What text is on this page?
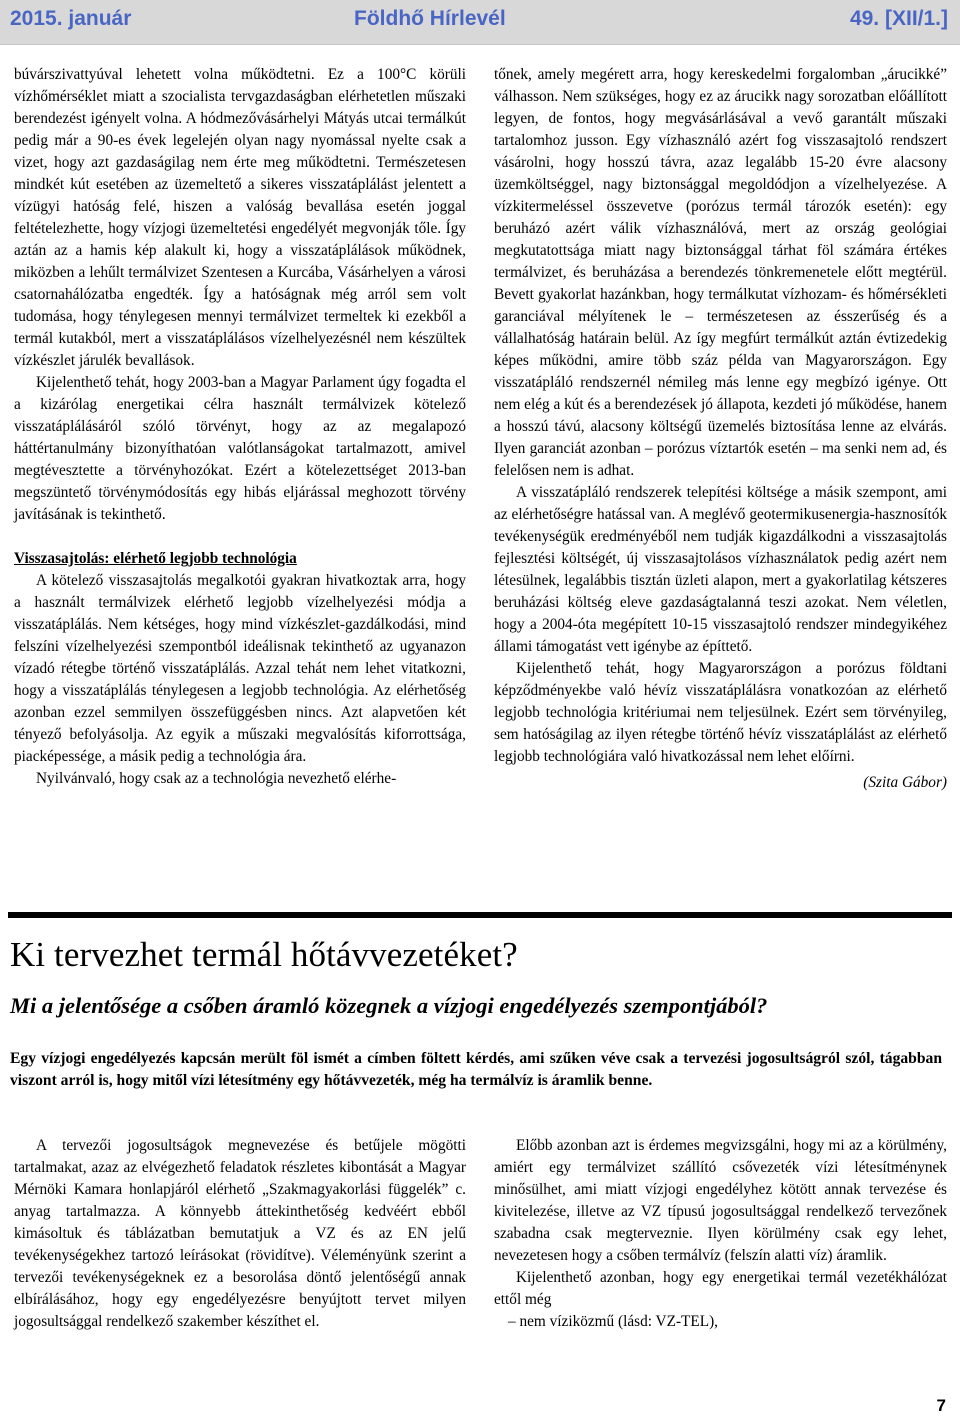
2015. január	Földhő Hírlevél	49. [XII/1.]

búvárszivattyúval lehetett volna működtetni. Ez a 100°C körüli vízhőmérséklet miatt a szocialista tervgazdaságban elérhetetlen műszaki berendezést igényelt volna. A hódmezővásárhelyi Mátyás utcai termálkút pedig már a 90-es évek legelején olyan nagy nyomással nyelte csak a vizet, hogy azt gazdaságilag nem érte meg működtetni. Természetesen mindkét kút esetében az üzemeltető a sikeres visszatáplálást jelentett a vízügyi hatóság felé, hiszen a valóság bevallása esetén joggal feltételezhette, hogy vízjogi üzemeltetési engedélyét megvonják tőle. Így aztán az a hamis kép alakult ki, hogy a visszatáplálások működnek, miközben a lehűlt termálvizet Szentesen a Kurcába, Vásárhelyen a városi csatornahálózatba engedték. Így a hatóságnak még arról sem volt tudomása, hogy ténylegesen mennyi termálvizet termeltek ki ezekből a termál kutakból, mert a visszatáplálásos vízelhelyezésnél nem készültek vízkészlet járulék bevallások.

Kijelenthető tehát, hogy 2003-ban a Magyar Parlament úgy fogadta el a kizárólag energetikai célra használt termálvizek kötelező visszatáplálásáról szóló törvényt, hogy az az megalapozó háttértanulmány bizonyíthatóan valótlanságokat tartalmazott, amivel megtévesztette a törvényhozókat. Ezért a kötelezettséget 2013-ban megszüntető törvénymódosítás egy hibás eljárással meghozott törvény javításának is tekinthető.

Visszasajtolás: elérhető legjobb technológia

A kötelező visszasajtolás megalkotói gyakran hivatkoztak arra, hogy a használt termálvizek elérhető legjobb vízelhelyezési módja a visszatáplálás. Nem kétséges, hogy mind vízkészlet-gazdálkodási, mind felszíni vízelhelyezési szempontból ideálisnak tekinthető az ugyanazon vízadó rétegbe történő visszatáplálás. Azzal tehát nem lehet vitatkozni, hogy a visszatáplálás ténylegesen a legjobb technológia. Az elérhetőség azonban ezzel semmilyen összefüggésben nincs. Azt alapvetően két tényező befolyásolja. Az egyik a műszaki megvalósítás kiforrottsága, piacképessége, a másik pedig a technológia ára.

Nyilvánvaló, hogy csak az a technológia nevezhető elérhe-

tőnek, amely megérett arra, hogy kereskedelmi forgalomban „árucikké” válhasson. Nem szükséges, hogy ez az árucikk nagy sorozatban előállított legyen, de fontos, hogy megvásárlásával a vevő garantált műszaki tartalomhoz jusson. Egy vízhasználó azért fog visszasajtoló rendszert vásárolni, hogy hosszú távra, azaz legalább 15-20 évre alacsony üzemköltséggel, nagy biztonsággal megoldódjon a vízelhelyezése. A vízkitermeléssel összevetve (porózus termál tározók esetén): egy beruházó azért válik vízhasználóvá, mert az ország geológiai megkutatottsága miatt nagy biztonsággal tárhat föl számára értékes termálvizet, és beruházása a berendezés tönkremenetele előtt megtérül. Bevett gyakorlat hazánkban, hogy termálkutat vízhozam- és hőmérsékleti garanciával mélyítenek le – természetesen az ésszerűség és a vállalhatóság határain belül. Az így megfúrt termálkút aztán évtizedekig képes működni, amire több száz példa van Magyarországon. Egy visszatápláló rendszernél némileg más lenne egy megbízó igénye. Ott nem elég a kút és a berendezések jó állapota, kezdeti jó működése, hanem a hosszú távú, alacsony költségű üzemelés biztosítása lenne az elvárás. Ilyen garanciát azonban – porózus víztartók esetén – ma senki nem ad, és felelősen nem is adhat.

A visszatápláló rendszerek telepítési költsége a másik szempont, ami az elérhetőségre hatással van. A meglévő geotermikusenergia-hasznosítók tevékenységük eredményéből nem tudják kigazdálkodni a visszasajtolás fejlesztési költségét, új visszasajtolásos vízhasználatok pedig azért nem létesülnek, legalábbis tisztán üzleti alapon, mert a gyakorlatilag kétszeres beruházási költség eleve gazdaságtalanná teszi azokat. Nem véletlen, hogy a 2004-óta megépített 10-15 visszasajtoló rendszer mindegyikéhez állami támogatást vett igénybe az építtető.

Kijelenthető tehát, hogy Magyarországon a porózus földtani képződményekbe való hévíz visszatáplálásra vonatkozóan az elérhető legjobb technológia kritériumai nem teljesülnek. Ezért sem törvényileg, sem hatóságilag az ilyen rétegbe történő hévíz visszatáplálást az elérhető legjobb technológiára való hivatkozással nem lehet előírni.

(Szita Gábor)

Ki tervezhet termál hőtávvezetéket?
Mi a jelentősége a csőben áramló közegnek a vízjogi engedélyezés szempontjából?

Egy vízjogi engedélyezés kapcsán merült föl ismét a címben föltett kérdés, ami szűken véve csak a tervezési jogosultságról szól, tágabban viszont arról is, hogy mitől vízi létesítmény egy hőtávvezeték, még ha termálvíz is áramlik benne.

A tervezői jogosultságok megnevezése és betűjele mögötti tartalmakat, azaz az elvégezhető feladatok részletes kibontását a Magyar Mérnöki Kamara honlapjáról elérhető „Szakmagyakorlási függelék” c. anyag tartalmazza. A könnyebb áttekinthetőség kedvéért ebből kimásoltuk és táblázatban bemutatjuk a VZ és az EN jelű tevékenységekhez tartozó leírásokat (rövidítve). Véleményünk szerint a tervezői tevékenységeknek ez a besorolása döntő jelentőségű annak elbírálásához, hogy egy engedélyezésre benyújtott tervet milyen jogosultsággal rendelkező szakember készíthet el.

Előbb azonban azt is érdemes megvizsgálni, hogy mi az a körülmény, amiért egy termálvizet szállító csővezeték vízi létesítménynek minősülhet, ami miatt vízjogi engedélyhez kötött annak tervezése és kivitelezése, illetve az VZ típusú jogosultsággal rendelkező tervezőnek szabadna csak megterveznie. Ilyen körülmény csak egy lehet, nevezetesen hogy a csőben termálvíz (felszín alatti víz) áramlik.

Kijelenthető azonban, hogy egy energetikai termál vezetékhálózat ettől még

– nem víziközmű (lásd: VZ-TEL),

7
